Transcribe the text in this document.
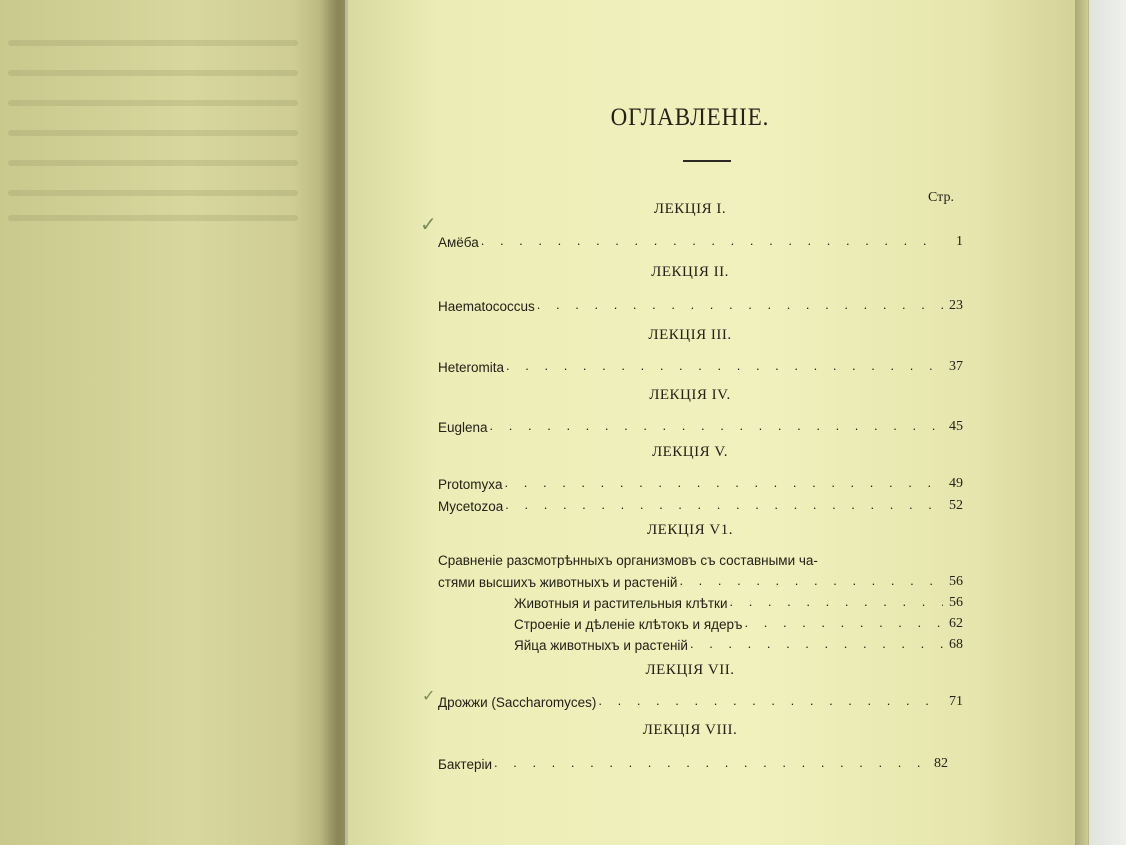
ОГЛАВЛЕНІЕ.
Стр.
ЛЕКЦІЯ I.
✓
Амёба . . .	1
ЛЕКЦІЯ II.
Haematococcus . . .	23
ЛЕКЦІЯ III.
Heteromita . . .	37
ЛЕКЦІЯ IV.
Euglena . . .	45
ЛЕКЦІЯ V.
Protomyxa . . .	49
Mycetozoa . . .	52
ЛЕКЦІЯ V1.
Сравненіе разсмотрѣнныхъ организмовъ съ составными ча-
стями высшихъ животныхъ и растеній . . .	56
Животныя и растительныя клѣтки . . .	56
Строеніе и дѣленіе клѣтокъ и ядеръ . . .	62
Яйца животныхъ и растеній . . .	68
ЛЕКЦІЯ VII.
✓ Дрожжи (Saccharomyces) . . .	71
ЛЕКЦІЯ VIII.
Бактеріи . . .	82
